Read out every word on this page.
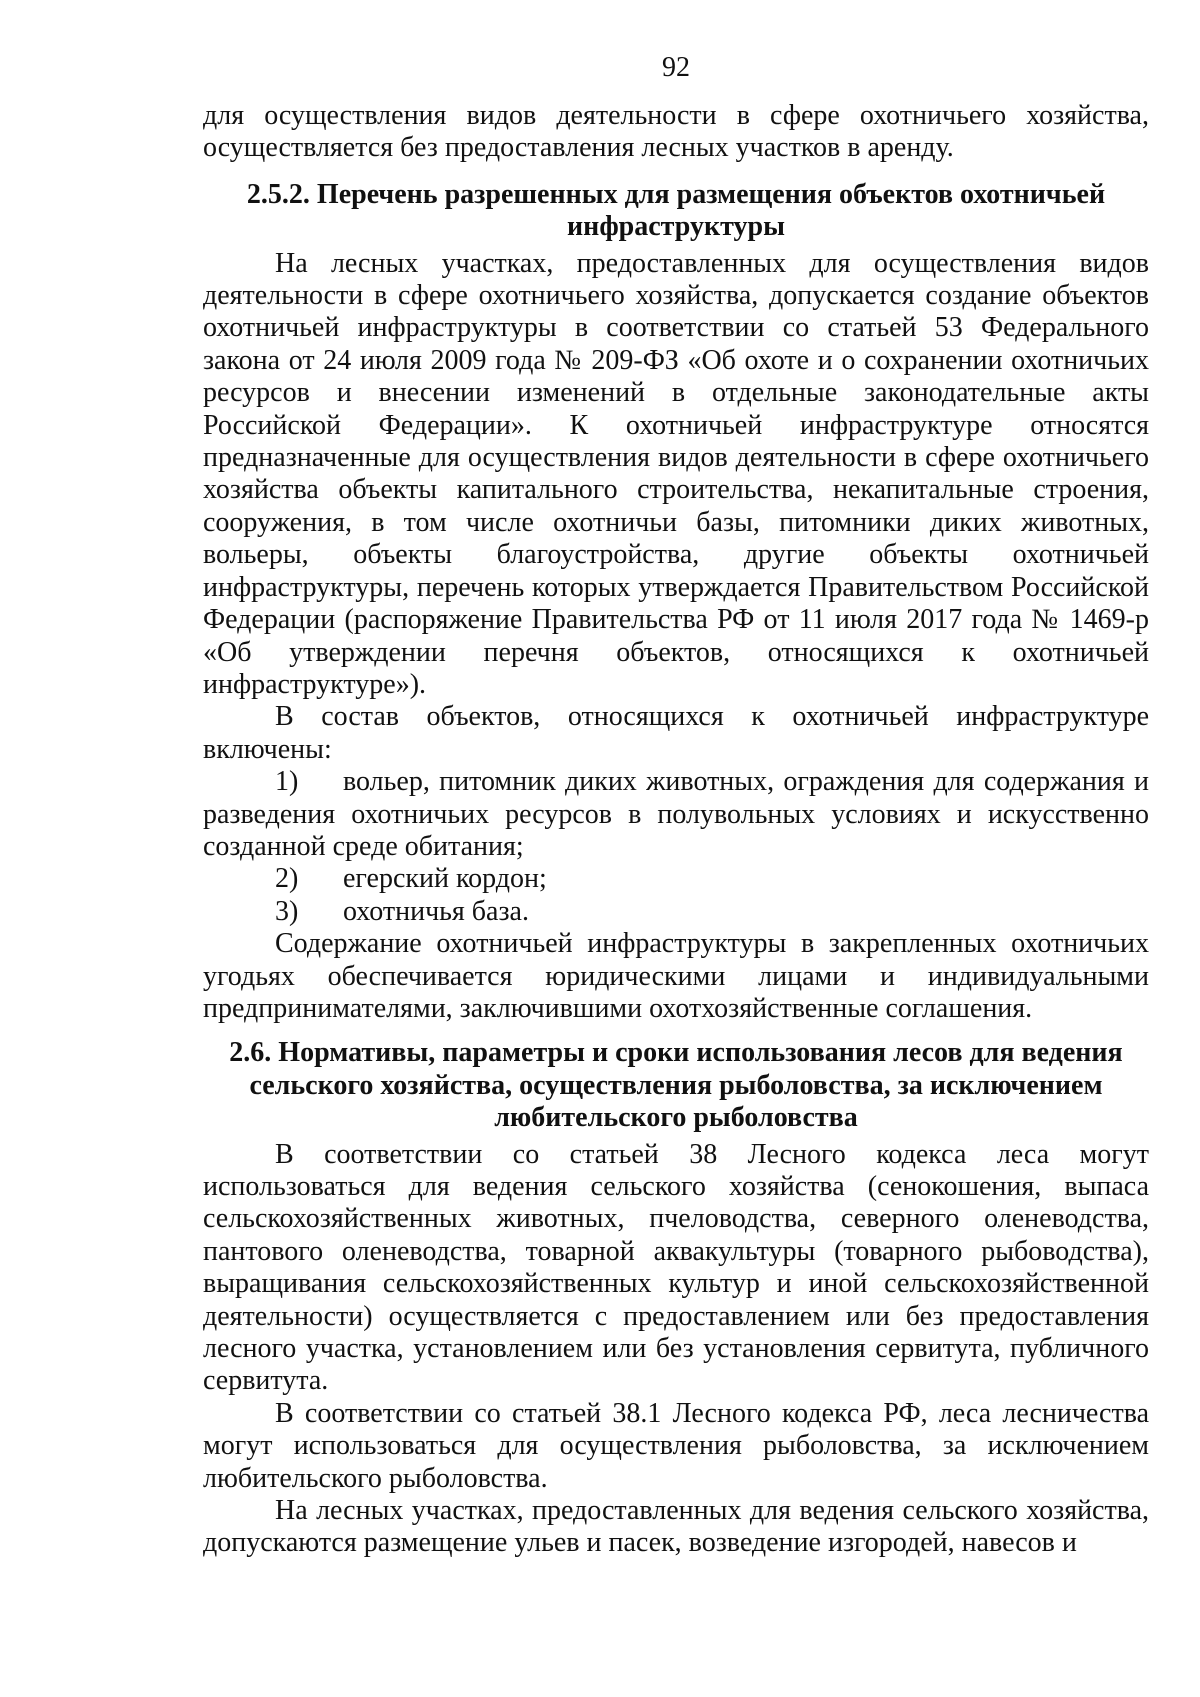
92

для осуществления видов деятельности в сфере охотничьего хозяйства, осуществляется без предоставления лесных участков в аренду.

2.5.2. Перечень разрешенных для размещения объектов охотничьей инфраструктуры

На лесных участках, предоставленных для осуществления видов деятельности в сфере охотничьего хозяйства, допускается создание объектов охотничьей инфраструктуры в соответствии со статьей 53 Федерального закона от 24 июля 2009 года № 209-ФЗ «Об охоте и о сохранении охотничьих ресурсов и внесении изменений в отдельные законодательные акты Российской Федерации». К охотничьей инфраструктуре относятся предназначенные для осуществления видов деятельности в сфере охотничьего хозяйства объекты капитального строительства, некапитальные строения, сооружения, в том числе охотничьи базы, питомники диких животных, вольеры, объекты благоустройства, другие объекты охотничьей инфраструктуры, перечень которых утверждается Правительством Российской Федерации (распоряжение Правительства РФ от 11 июля 2017 года № 1469-р «Об утверждении перечня объектов, относящихся к охотничьей инфраструктуре»).

В состав объектов, относящихся к охотничьей инфраструктуре включены:

1) вольер, питомник диких животных, ограждения для содержания и разведения охотничьих ресурсов в полувольных условиях и искусственно созданной среде обитания;
2) егерский кордон;
3) охотничья база.

Содержание охотничьей инфраструктуры в закрепленных охотничьих угодьях обеспечивается юридическими лицами и индивидуальными предпринимателями, заключившими охотхозяйственные соглашения.

2.6. Нормативы, параметры и сроки использования лесов для ведения сельского хозяйства, осуществления рыболовства, за исключением любительского рыболовства

В соответствии со статьей 38 Лесного кодекса леса могут использоваться для ведения сельского хозяйства (сенокошения, выпаса сельскохозяйственных животных, пчеловодства, северного оленеводства, пантового оленеводства, товарной аквакультуры (товарного рыбоводства), выращивания сельскохозяйственных культур и иной сельскохозяйственной деятельности) осуществляется с предоставлением или без предоставления лесного участка, установлением или без установления сервитута, публичного сервитута.

В соответствии со статьей 38.1 Лесного кодекса РФ, леса лесничества могут использоваться для осуществления рыболовства, за исключением любительского рыболовства.

На лесных участках, предоставленных для ведения сельского хозяйства, допускаются размещение ульев и пасек, возведение изгородей, навесов и
